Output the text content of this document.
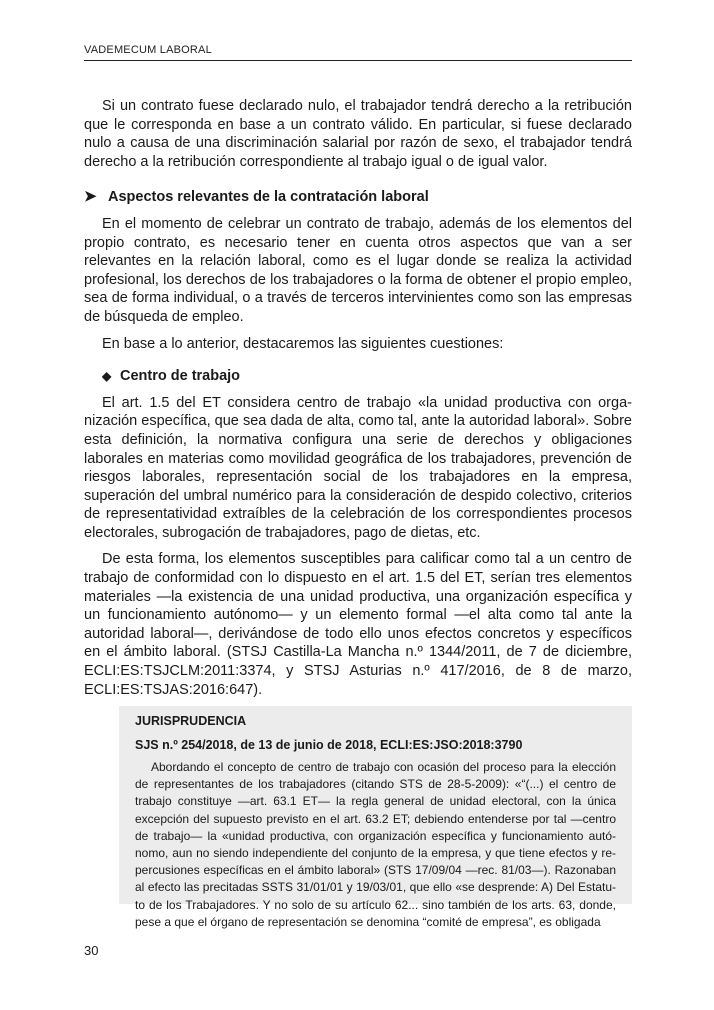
VADEMECUM LABORAL

Si un contrato fuese declarado nulo, el trabajador tendrá derecho a la retribución que le corresponda en base a un contrato válido. En particular, si fuese declarado nulo a causa de una discriminación salarial por razón de sexo, el trabajador tendrá derecho a la retribución correspondiente al trabajo igual o de igual valor.

➤ Aspectos relevantes de la contratación laboral

En el momento de celebrar un contrato de trabajo, además de los elementos del propio contrato, es necesario tener en cuenta otros aspectos que van a ser relevantes en la relación laboral, como es el lugar donde se realiza la actividad profesional, los derechos de los trabajadores o la forma de obtener el propio empleo, sea de forma individual, o a través de terceros intervinientes como son las empresas de búsqueda de empleo.

En base a lo anterior, destacaremos las siguientes cuestiones:

◆ Centro de trabajo

El art. 1.5 del ET considera centro de trabajo «la unidad productiva con organización específica, que sea dada de alta, como tal, ante la autoridad laboral». Sobre esta definición, la normativa configura una serie de derechos y obligaciones laborales en materias como movilidad geográfica de los trabajadores, prevención de riesgos laborales, representación social de los trabajadores en la empresa, superación del umbral numérico para la consideración de despido colectivo, criterios de representatividad extraíbles de la celebración de los correspondientes procesos electorales, subrogación de trabajadores, pago de dietas, etc.

De esta forma, los elementos susceptibles para calificar como tal a un centro de trabajo de conformidad con lo dispuesto en el art. 1.5 del ET, serían tres elementos materiales —la existencia de una unidad productiva, una organización específica y un funcionamiento autónomo— y un elemento formal —el alta como tal ante la autoridad laboral—, derivándose de todo ello unos efectos concretos y específicos en el ámbito laboral. (STSJ Castilla-La Mancha n.º 1344/2011, de 7 de diciembre, ECLI:ES:TSJCLM:2011:3374, y STSJ Asturias n.º 417/2016, de 8 de marzo, ECLI:ES:TSJAS:2016:647).

JURISPRUDENCIA
SJS n.º 254/2018, de 13 de junio de 2018, ECLI:ES:JSO:2018:3790
Abordando el concepto de centro de trabajo con ocasión del proceso para la elección de representantes de los trabajadores (citando STS de 28-5-2009): «“(...) el centro de trabajo constituye —art. 63.1 ET— la regla general de unidad electoral, con la única excepción del supuesto previsto en el art. 63.2 ET; debiendo entenderse por tal —centro de trabajo— la «unidad productiva, con organización específica y funcionamiento autónomo, aun no siendo independiente del conjunto de la empresa, y que tiene efectos y repercusiones específicas en el ámbito laboral» (STS 17/09/04 —rec. 81/03—). Razonaban al efecto las precitadas SSTS 31/01/01 y 19/03/01, que ello «se desprende: A) Del Estatuto de los Trabajadores. Y no solo de su artículo 62... sino también de los arts. 63, donde, pese a que el órgano de representación se denomina “comité de empresa”, es obligada
30
